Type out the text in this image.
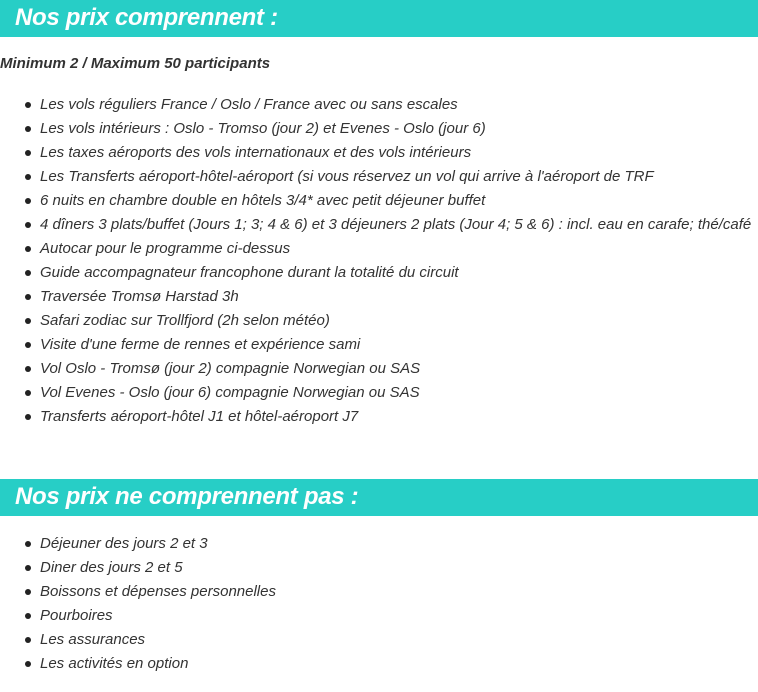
Nos prix comprennent :
Minimum 2 / Maximum 50 participants
Les vols réguliers France / Oslo / France avec ou sans escales
Les vols intérieurs : Oslo - Tromso (jour 2) et Evenes - Oslo (jour 6)
Les taxes aéroports des vols internationaux et des vols intérieurs
Les Transferts aéroport-hôtel-aéroport (si vous réservez un vol qui arrive à l'aéroport de TRF
6 nuits en chambre double en hôtels 3/4* avec petit déjeuner buffet
4 dîners 3 plats/buffet (Jours 1; 3; 4 & 6) et 3 déjeuners 2 plats (Jour 4; 5 & 6) : incl. eau en carafe; thé/café
Autocar pour le programme ci-dessus
Guide accompagnateur francophone durant la totalité du circuit
Traversée Tromsø Harstad 3h
Safari zodiac sur Trollfjord (2h selon météo)
Visite d'une ferme de rennes et expérience sami
Vol Oslo - Tromsø (jour 2) compagnie Norwegian ou SAS
Vol Evenes - Oslo (jour 6) compagnie Norwegian ou SAS
Transferts aéroport-hôtel J1 et hôtel-aéroport J7
Nos prix ne comprennent pas :
Déjeuner des jours 2 et 3
Diner des jours 2 et 5
Boissons et dépenses personnelles
Pourboires
Les assurances
Les activités en option
